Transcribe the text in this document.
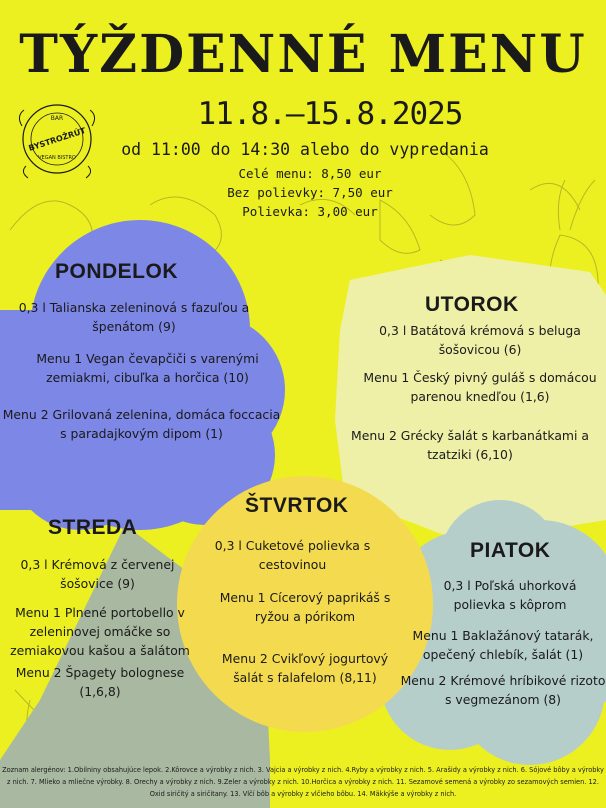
TÝŽDENNÉ MENU
11.8.–15.8.2025
od 11:00 do 14:30 alebo do vypredania
Celé menu: 8,50 eur
Bez polievky: 7,50 eur
Polievka: 3,00 eur
BAR
BYSTROŽRÚT
VEGAN BISTRO
PONDELOK
0,3 l Talianska zeleninová s fazuľou a špenátom (9)
Menu 1 Vegan čevapčiči s varenými zemiakmi, cibuľka a horčica (10)
Menu 2 Grilovaná zelenina, domáca foccacia s paradajkovým dipom (1)
UTOROK
0,3 l Batátová krémová s beluga šošovicou (6)
Menu 1 Český pivný guláš s domácou parenou knedľou (1,6)
Menu 2 Grécky šalát s karbanátkami a tzatziki (6,10)
STREDA
0,3 l Krémová z červenej šošovice (9)
Menu 1 Plnené portobello v zeleninovej omáčke so zemiakovou kašou a šalátom
Menu 2 Špagety bolognese (1,6,8)
ŠTVRTOK
0,3 l Cuketové polievka s cestovinou
Menu 1 Cícerový paprikáš s ryžou a pórikom
Menu 2 Cvikľový jogurtový šalát s falafelom (8,11)
PIATOK
0,3 l Poľská uhorková polievka s kôprom
Menu 1 Baklažánový tatarák, opečený chlebík, šalát (1)
Menu 2 Krémové hríbikové rizoto s vegmezánom (8)
Zoznam alergénov: 1.Obilniny obsahujúce lepok. 2.Kôrovce a výrobky z nich. 3. Vajcia a výrobky z nich. 4.Ryby a výrobky z nich. 5. Arašidy a výrobky z nich. 6. Sójové bôby a výrobky z nich. 7. Mlieko a mliečne výrobky. 8. Orechy a výrobky z nich. 9.Zeler a výrobky z nich. 10.Horčica a výrobky z nich. 11. Sezamové semená a výrobky zo sezamových semien. 12. Oxid siričitý a siričitany. 13. Vlčí bôb a výrobky z vlčieho bôbu. 14. Mäkkýše a výrobky z nich.
